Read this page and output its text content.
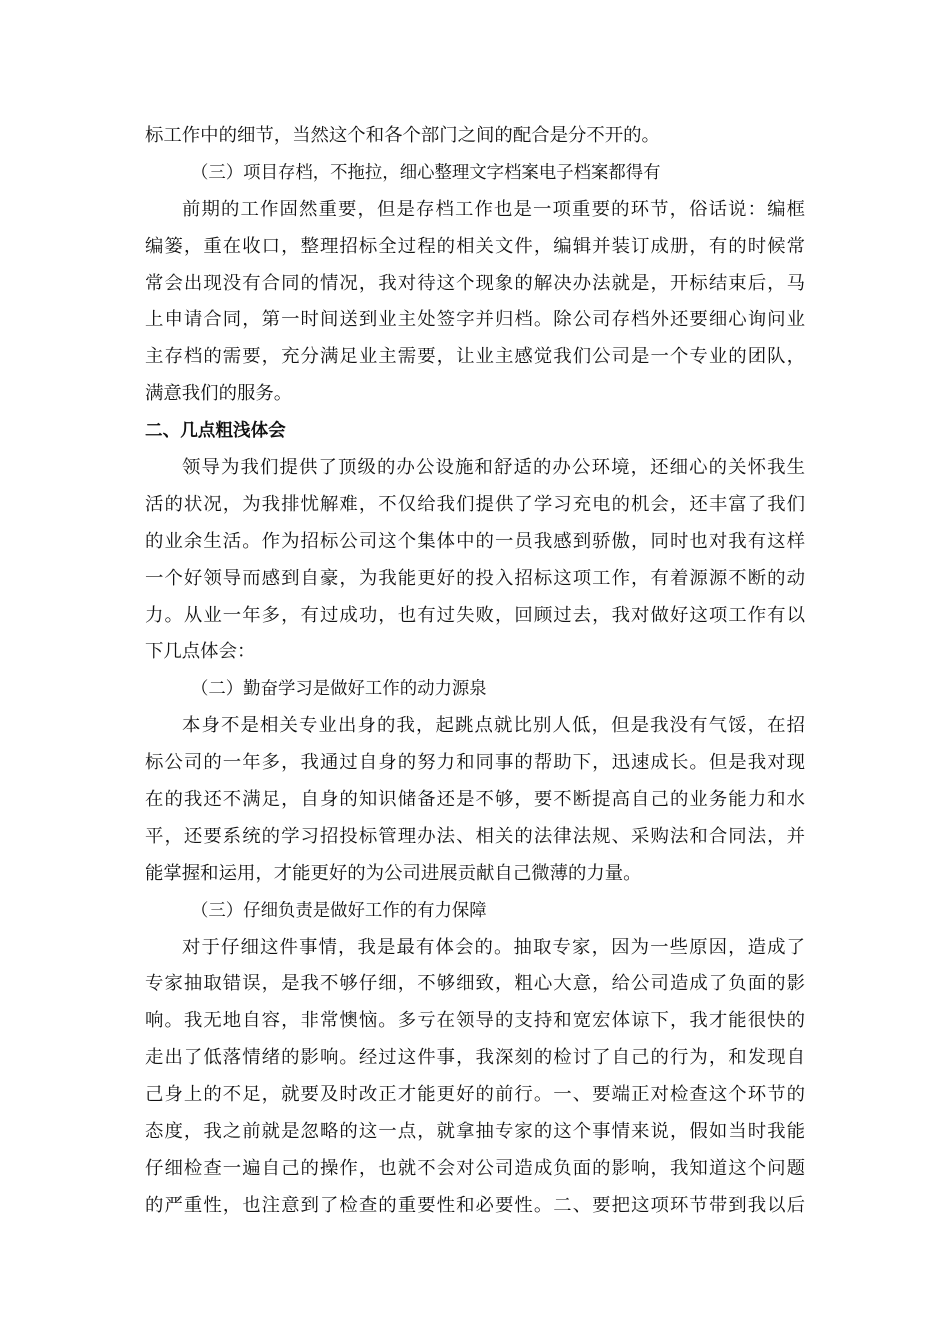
标工作中的细节，当然这个和各个部门之间的配合是分不开的。
（三）项目存档，不拖拉，细心整理文字档案电子档案都得有
前期的工作固然重要，但是存档工作也是一项重要的环节，俗话说：编框
编篓，重在收口，整理招标全过程的相关文件，编辑并装订成册，有的时候常
常会出现没有合同的情况，我对待这个现象的解决办法就是，开标结束后，马
上申请合同，第一时间送到业主处签字并归档。除公司存档外还要细心询问业
主存档的需要，充分满足业主需要，让业主感觉我们公司是一个专业的团队，
满意我们的服务。
二、几点粗浅体会
领导为我们提供了顶级的办公设施和舒适的办公环境，还细心的关怀我生
活的状况，为我排忧解难，不仅给我们提供了学习充电的机会，还丰富了我们
的业余生活。作为招标公司这个集体中的一员我感到骄傲，同时也对我有这样
一个好领导而感到自豪，为我能更好的投入招标这项工作，有着源源不断的动
力。从业一年多，有过成功，也有过失败，回顾过去，我对做好这项工作有以
下几点体会：
（二）勤奋学习是做好工作的动力源泉
本身不是相关专业出身的我，起跳点就比别人低，但是我没有气馁，在招
标公司的一年多，我通过自身的努力和同事的帮助下，迅速成长。但是我对现
在的我还不满足，自身的知识储备还是不够，要不断提高自己的业务能力和水
平，还要系统的学习招投标管理办法、相关的法律法规、采购法和合同法，并
能掌握和运用，才能更好的为公司进展贡献自己微薄的力量。
（三）仔细负责是做好工作的有力保障
对于仔细这件事情，我是最有体会的。抽取专家，因为一些原因，造成了
专家抽取错误，是我不够仔细，不够细致，粗心大意，给公司造成了负面的影
响。我无地自容，非常懊恼。多亏在领导的支持和宽宏体谅下，我才能很快的
走出了低落情绪的影响。经过这件事，我深刻的检讨了自己的行为，和发现自
己身上的不足，就要及时改正才能更好的前行。一、要端正对检查这个环节的
态度，我之前就是忽略的这一点，就拿抽专家的这个事情来说，假如当时我能
仔细检查一遍自己的操作，也就不会对公司造成负面的影响，我知道这个问题
的严重性，也注意到了检查的重要性和必要性。二、要把这项环节带到我以后
